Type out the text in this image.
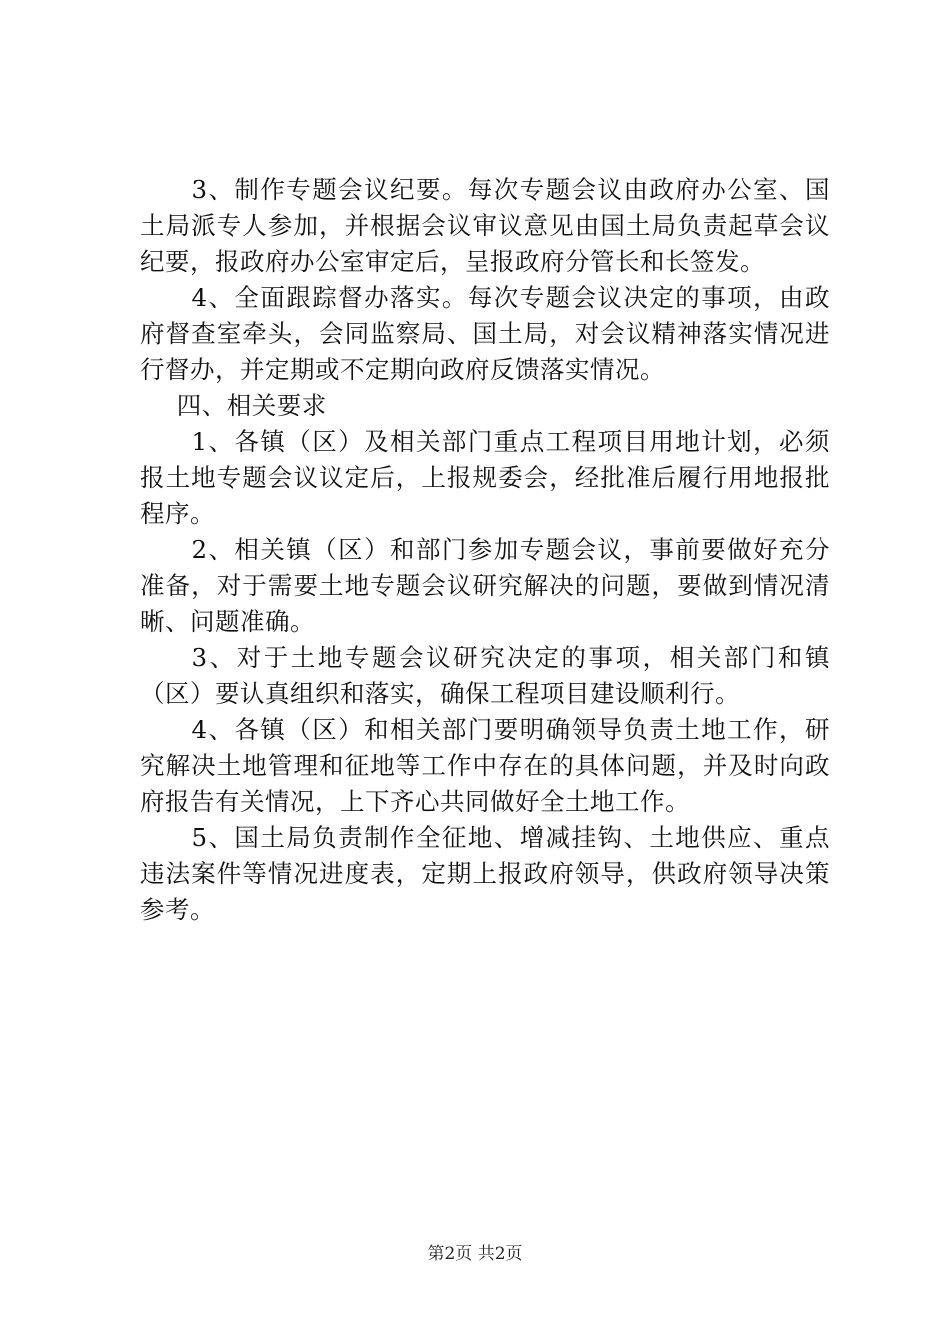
3、制作专题会议纪要。每次专题会议由政府办公室、国土局派专人参加，并根据会议审议意见由国土局负责起草会议纪要，报政府办公室审定后，呈报政府分管长和长签发。

4、全面跟踪督办落实。每次专题会议决定的事项，由政府督查室牵头，会同监察局、国土局，对会议精神落实情况进行督办，并定期或不定期向政府反馈落实情况。

四、相关要求

1、各镇（区）及相关部门重点工程项目用地计划，必须报土地专题会议议定后，上报规委会，经批准后履行用地报批程序。

2、相关镇（区）和部门参加专题会议，事前要做好充分准备，对于需要土地专题会议研究解决的问题，要做到情况清晰、问题准确。

3、对于土地专题会议研究决定的事项，相关部门和镇（区）要认真组织和落实，确保工程项目建设顺利行。

4、各镇（区）和相关部门要明确领导负责土地工作，研究解决土地管理和征地等工作中存在的具体问题，并及时向政府报告有关情况，上下齐心共同做好全土地工作。

5、国土局负责制作全征地、增减挂钩、土地供应、重点违法案件等情况进度表，定期上报政府领导，供政府领导决策参考。

第2页 共2页
